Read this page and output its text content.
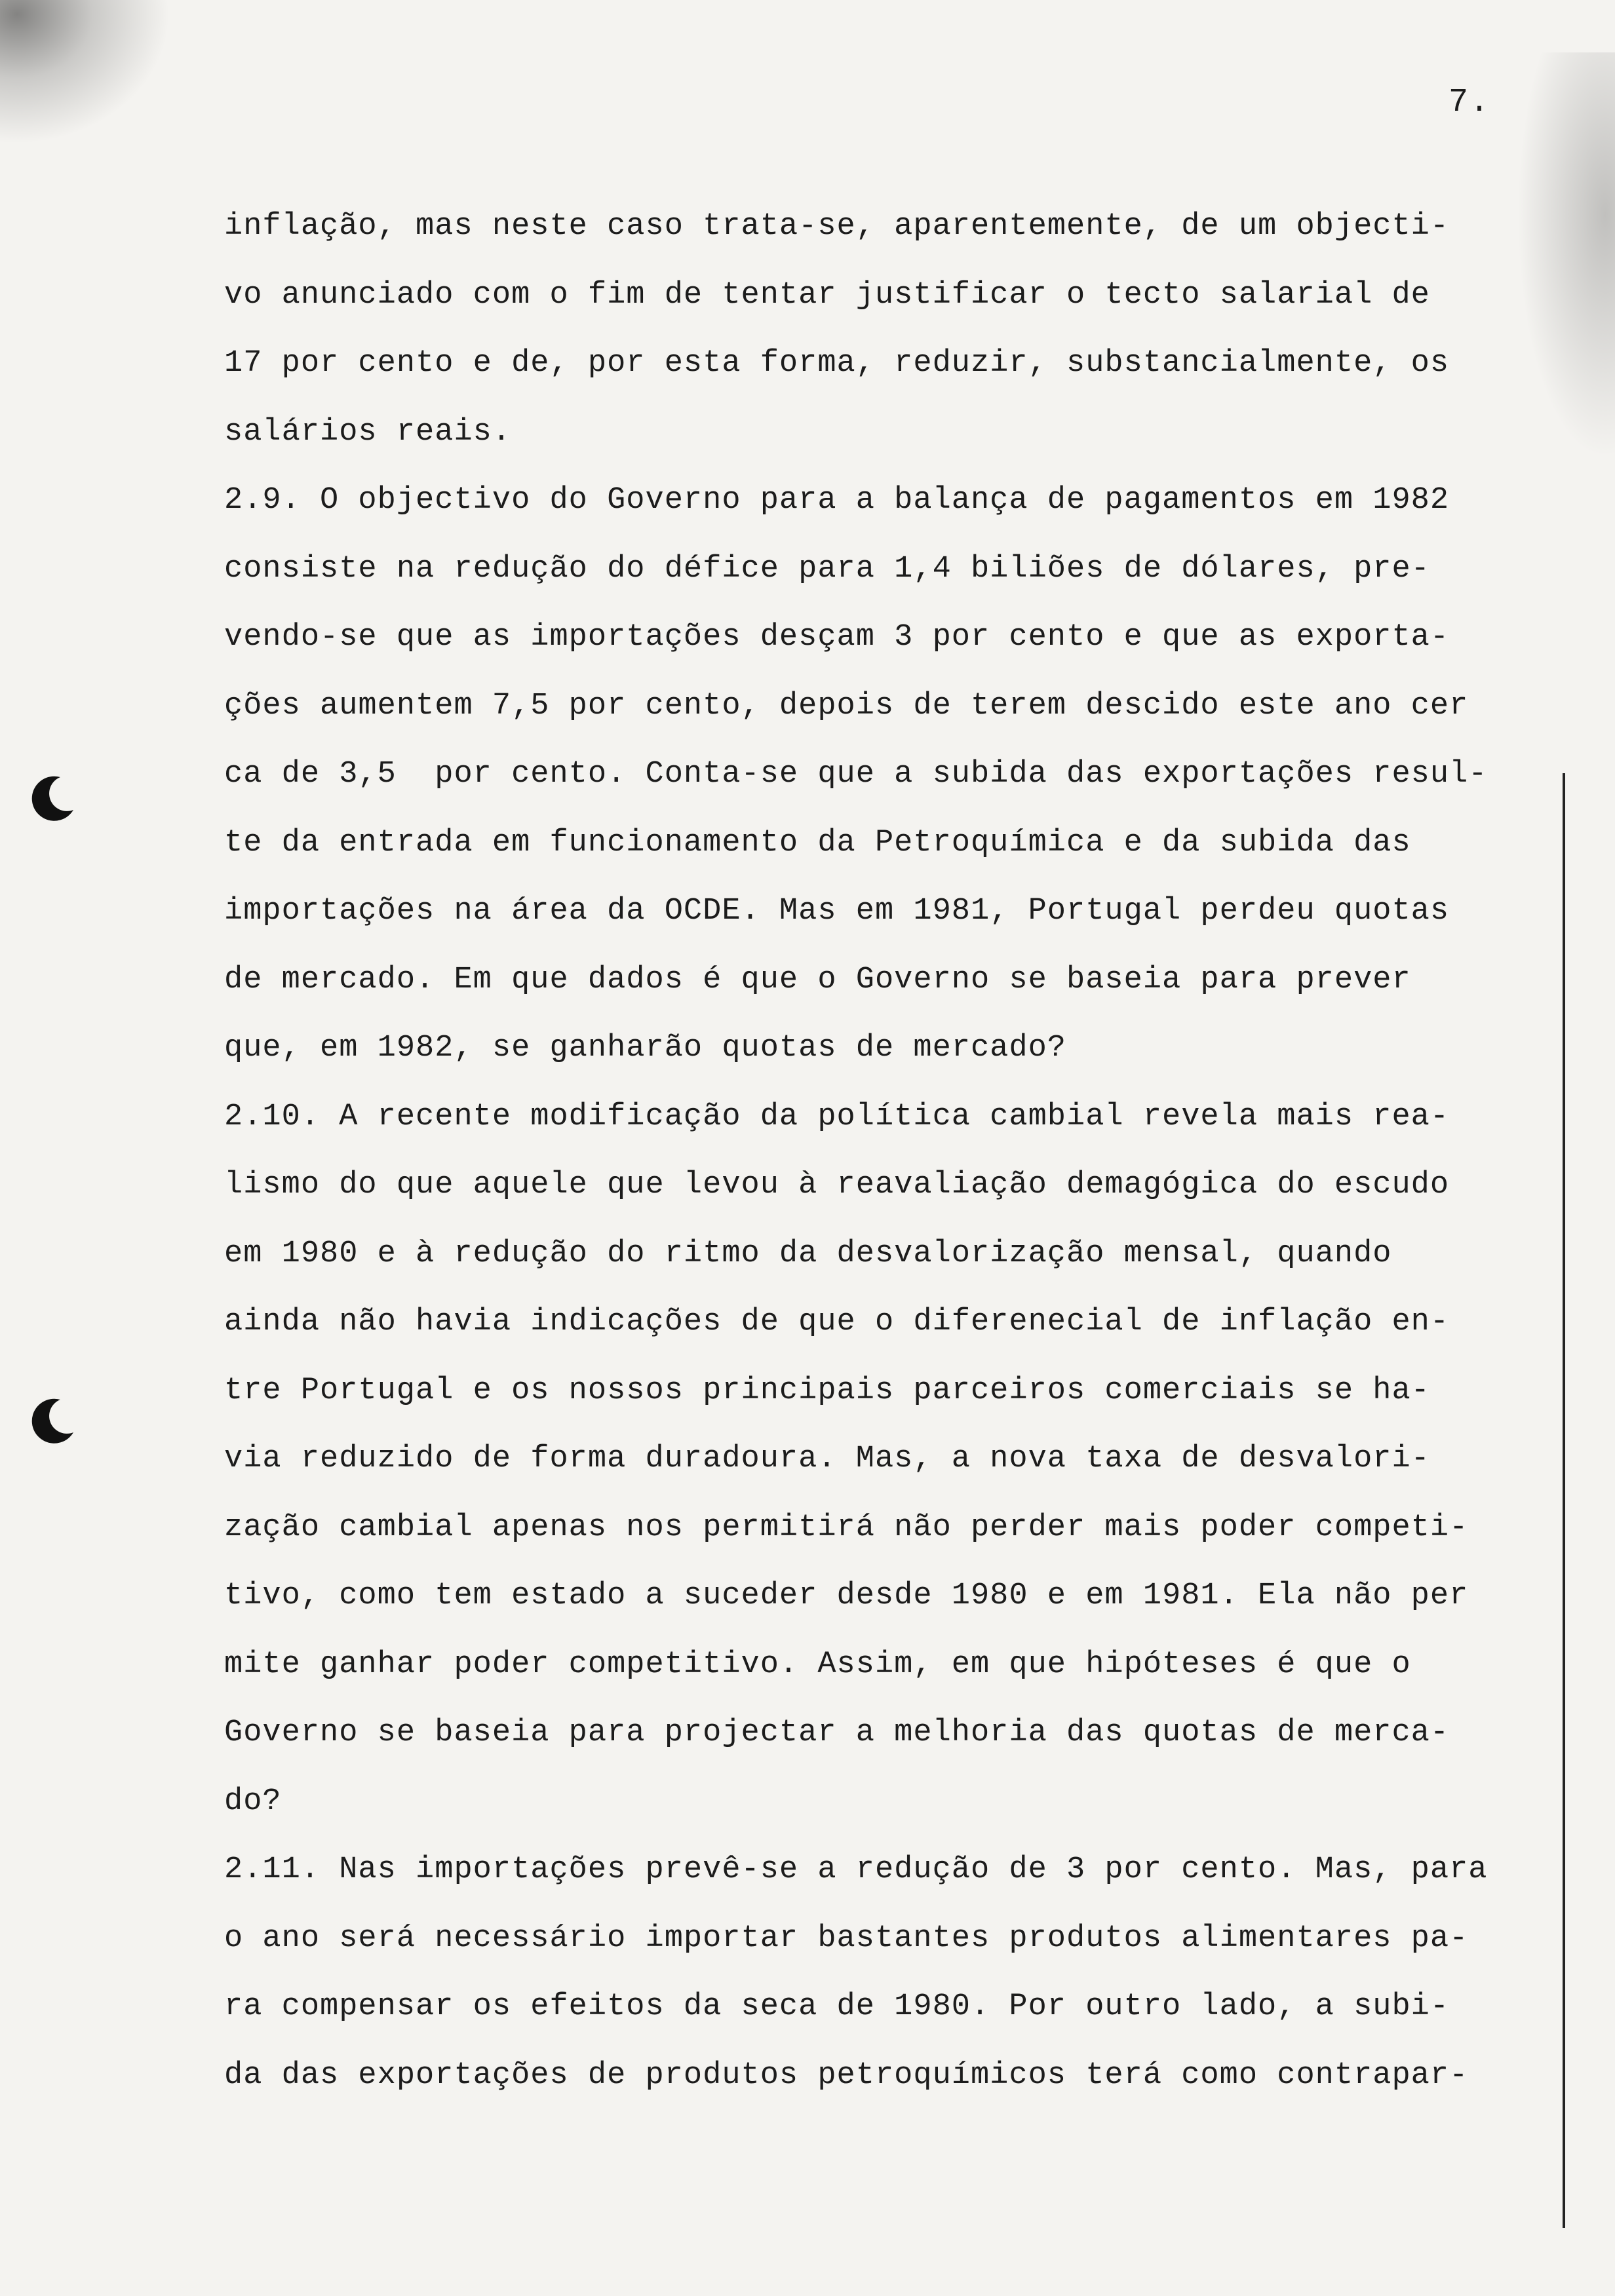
7.
inflação, mas neste caso trata-se, aparentemente, de um objecti-
vo anunciado com o fim de tentar justificar o tecto salarial de
17 por cento e de, por esta forma, reduzir, substancialmente, os
salários reais.
2.9. O objectivo do Governo para a balança de pagamentos em 1982
consiste na redução do défice para 1,4 biliões de dólares, pre-
vendo-se que as importações desçam 3 por cento e que as exporta-
ções aumentem 7,5 por cento, depois de terem descido este ano cer
ca de 3,5  por cento. Conta-se que a subida das exportações resul-
te da entrada em funcionamento da Petroquímica e da subida das
importações na área da OCDE. Mas em 1981, Portugal perdeu quotas
de mercado. Em que dados é que o Governo se baseia para prever
que, em 1982, se ganharão quotas de mercado?
2.10. A recente modificação da política cambial revela mais rea-
lismo do que aquele que levou à reavaliação demagógica do escudo
em 1980 e à redução do ritmo da desvalorização mensal, quando
ainda não havia indicações de que o diferenecial de inflação en-
tre Portugal e os nossos principais parceiros comerciais se ha-
via reduzido de forma duradoura. Mas, a nova taxa de desvalori-
zação cambial apenas nos permitirá não perder mais poder competi-
tivo, como tem estado a suceder desde 1980 e em 1981. Ela não per
mite ganhar poder competitivo. Assim, em que hipóteses é que o
Governo se baseia para projectar a melhoria das quotas de merca-
do?
2.11. Nas importações prevê-se a redução de 3 por cento. Mas, para
o ano será necessário importar bastantes produtos alimentares pa-
ra compensar os efeitos da seca de 1980. Por outro lado, a subi-
da das exportações de produtos petroquímicos terá como contrapar-
